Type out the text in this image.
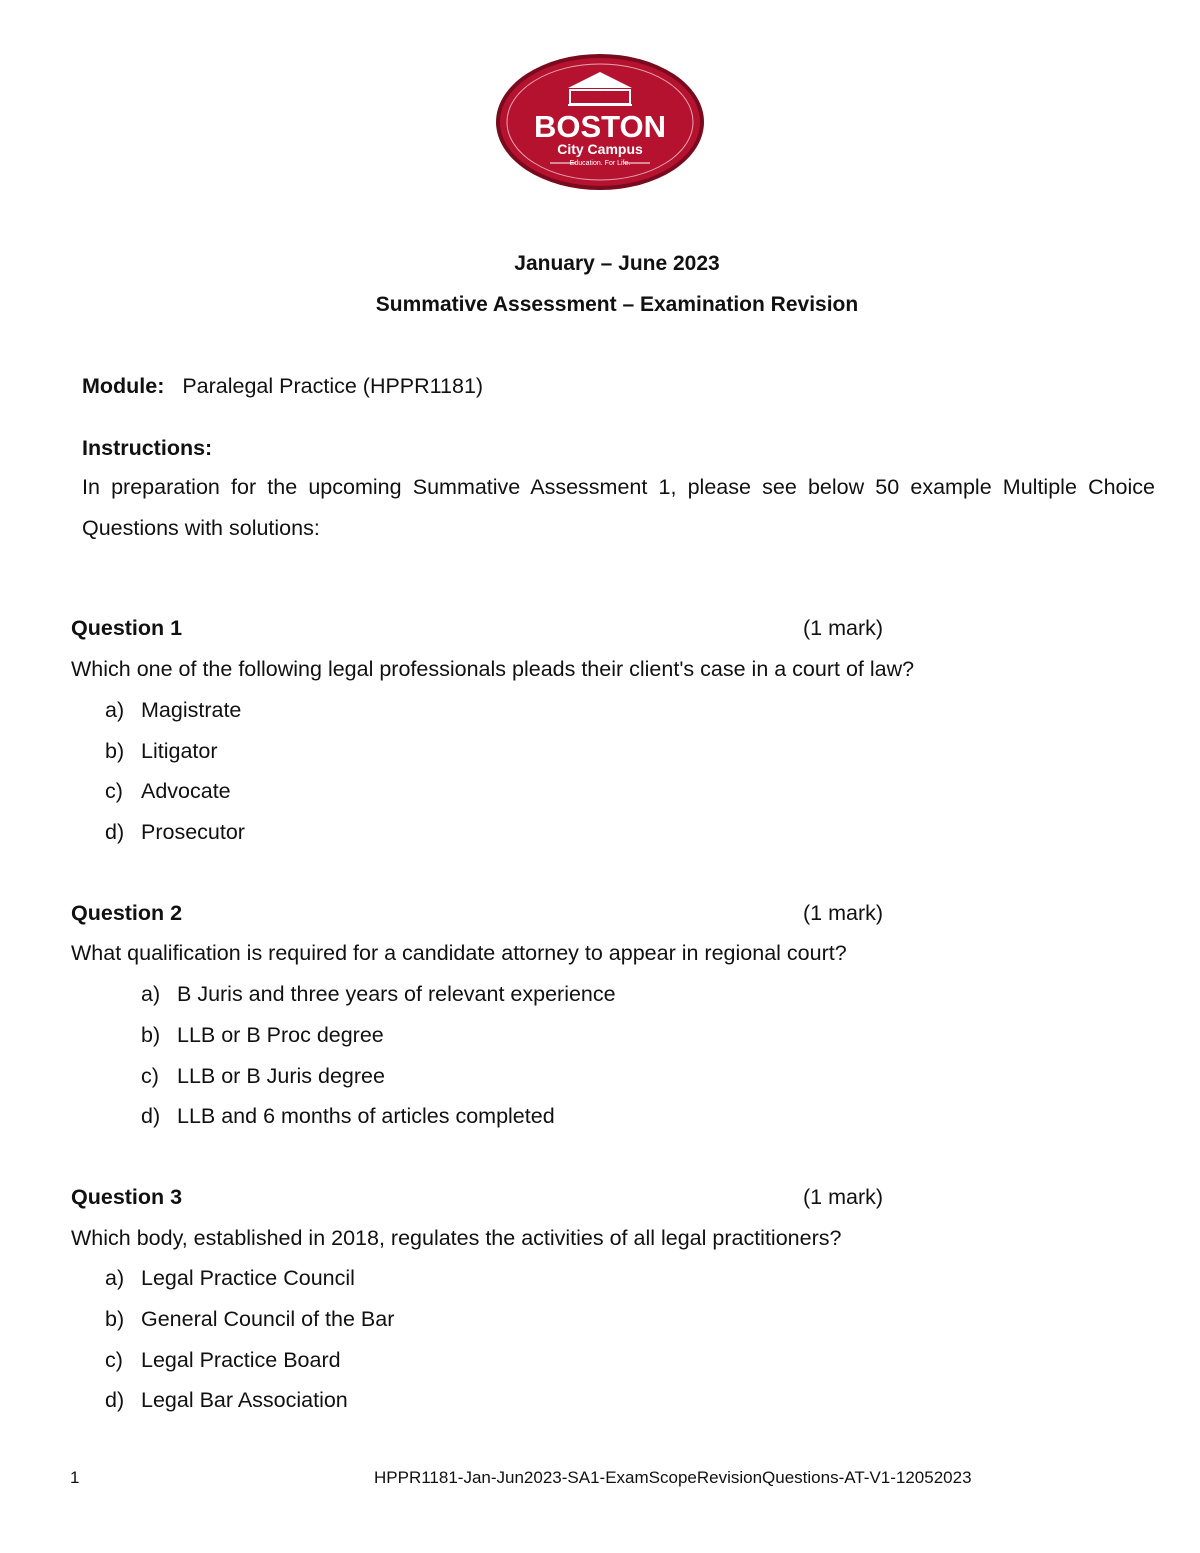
BCC
BOSTON
City Campus
Education. For Life.
January – June 2023
Summative Assessment – Examination Revision
Module: Paralegal Practice (HPPR1181)
Instructions:
In preparation for the upcoming Summative Assessment 1, please see below 50 example Multiple Choice Questions with solutions:
Question 1	(1 mark)
Which one of the following legal professionals pleads their client's case in a court of law?
a) Magistrate
b) Litigator
c) Advocate
d) Prosecutor
Question 2	(1 mark)
What qualification is required for a candidate attorney to appear in regional court?
a) B Juris and three years of relevant experience
b) LLB or B Proc degree
c) LLB or B Juris degree
d) LLB and 6 months of articles completed
Question 3	(1 mark)
Which body, established in 2018, regulates the activities of all legal practitioners?
a) Legal Practice Council
b) General Council of the Bar
c) Legal Practice Board
d) Legal Bar Association
1	HPPR1181-Jan-Jun2023-SA1-ExamScopeRevisionQuestions-AT-V1-12052023
